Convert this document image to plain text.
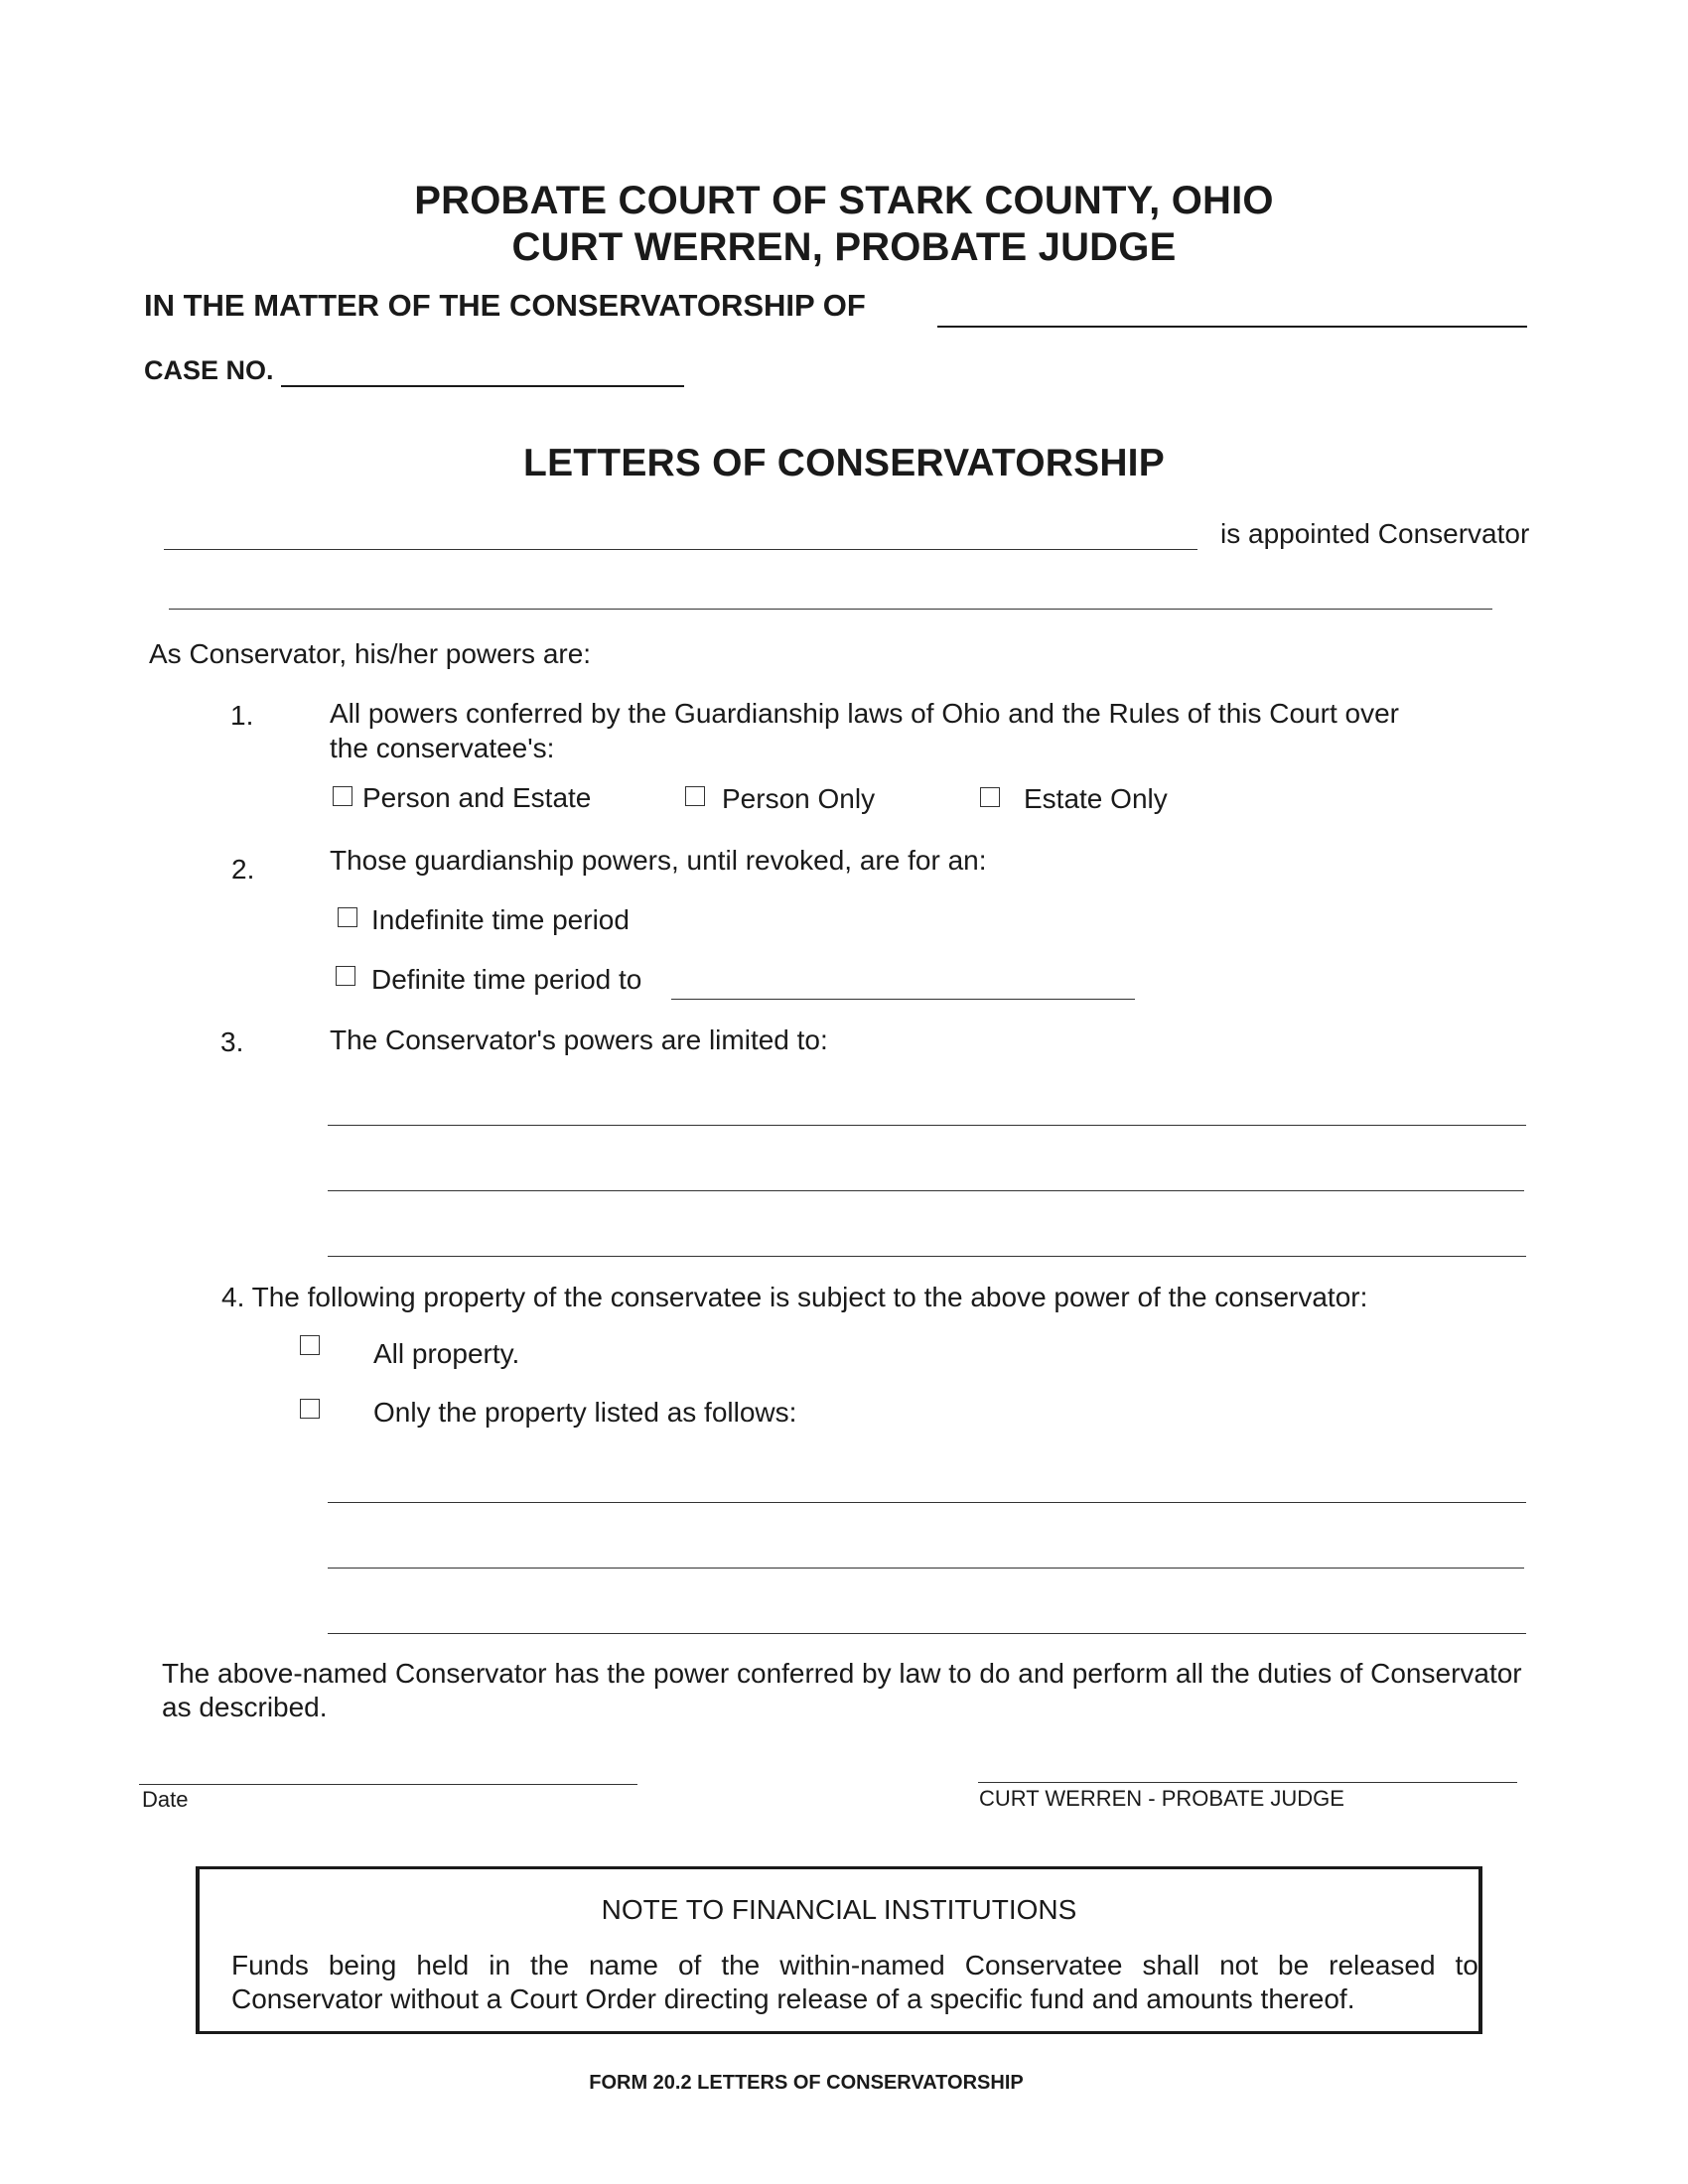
PROBATE COURT OF STARK COUNTY, OHIO
CURT WERREN, PROBATE JUDGE
IN THE MATTER OF THE CONSERVATORSHIP OF
CASE NO.
LETTERS OF CONSERVATORSHIP
is appointed Conservator
As Conservator, his/her powers are:
1.	All powers conferred by the Guardianship laws of Ohio and the Rules of this Court over
the conservatee's:
Person and Estate	Person Only	Estate Only
2.	Those guardianship powers, until revoked, are for an:
Indefinite time period
Definite time period to
3.	The Conservator's powers are limited to:
4. The following property of the conservatee is subject to the above power of the conservator:
All property.
Only the property listed as follows:
The above-named Conservator has the power conferred by law to do and perform all the duties of Conservator
as described.
Date	CURT WERREN - PROBATE JUDGE
NOTE TO FINANCIAL INSTITUTIONS
Funds being held in the name of the within-named Conservatee shall not be released to
Conservator without a Court Order directing release of a specific fund and amounts thereof.
FORM 20.2 LETTERS OF CONSERVATORSHIP
